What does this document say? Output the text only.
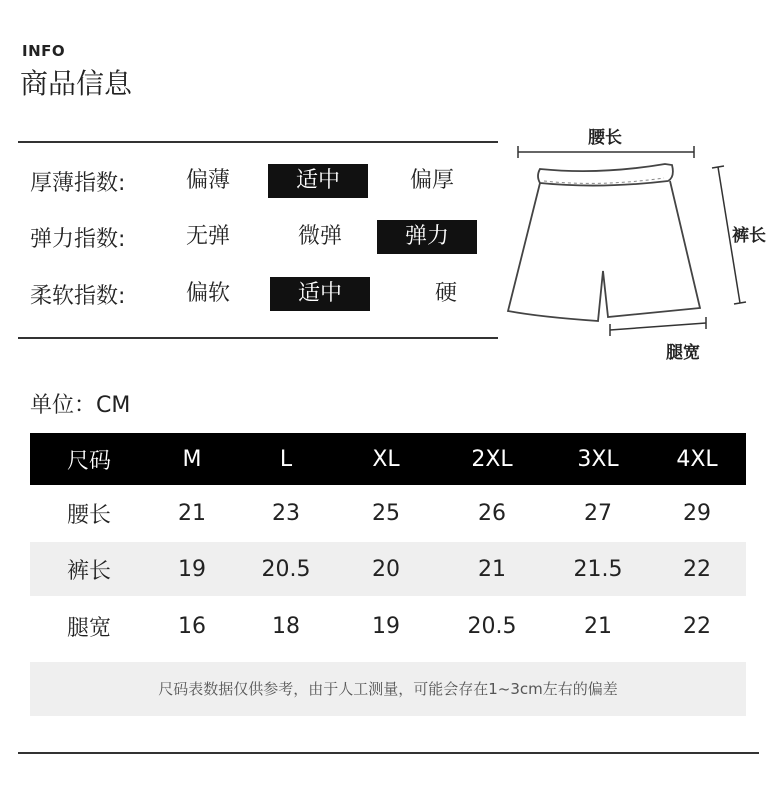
INFO
商品信息
厚薄指数:	偏薄	适中	偏厚
弹力指数:	无弹	微弹	弹力
柔软指数:	偏软	适中	硬
腰长
裤长
腿宽
单位：CM
尺码	M	L	XL	2XL	3XL	4XL
腰长	21	23	25	26	27	29
裤长	19	20.5	20	21	21.5	22
腿宽	16	18	19	20.5	21	22
尺码表数据仅供参考，由于人工测量，可能会存在1~3cm左右的偏差
